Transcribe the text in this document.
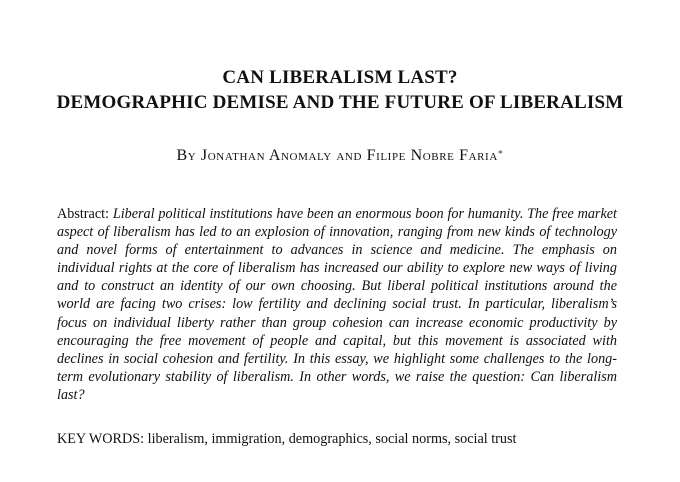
CAN LIBERALISM LAST?
DEMOGRAPHIC DEMISE AND THE FUTURE OF LIBERALISM
By Jonathan Anomaly and Filipe Nobre Faria*
Abstract: Liberal political institutions have been an enormous boon for humanity. The free market aspect of liberalism has led to an explosion of innovation, ranging from new kinds of technology and novel forms of entertainment to advances in science and medicine. The emphasis on individual rights at the core of liberalism has increased our ability to explore new ways of living and to construct an identity of our own choosing. But liberal political institutions around the world are facing two crises: low fertility and declining social trust. In particular, liberalism’s focus on individual liberty rather than group cohesion can increase economic productivity by encouraging the free movement of people and capital, but this movement is associated with declines in social cohesion and fertility. In this essay, we highlight some challenges to the long-term evolutionary stability of liberalism. In other words, we raise the question: Can liberalism last?
KEY WORDS: liberalism, immigration, demographics, social norms, social trust
